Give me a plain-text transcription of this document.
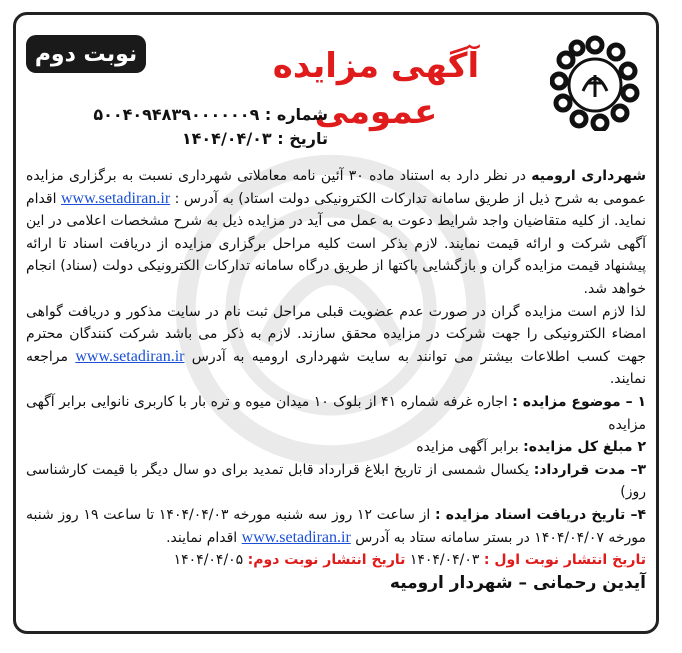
نوبت دوم	آگهی مزایده
عمومی
شماره : ۵۰۰۴۰۹۴۸۳۹۰۰۰۰۰۰۹
تاریخ : ۱۴۰۴/۰۴/۰۳

شهرداری ارومیه در نظر دارد به استناد ماده ۳۰ آئین نامه معاملاتی شهرداری نسبت به برگزاری مزایده عمومی به شرح ذیل از طریق سامانه تدارکات الکترونیکی دولت استاد) به آدرس : www.setadiran.ir اقدام نماید. از کلیه متقاضیان واجد شرایط دعوت به عمل می آید در مزایده ذیل به شرح مشخصات اعلامی در این آگهی شرکت و ارائه قیمت نمایند. لازم بذکر است کلیه مراحل برگزاری مزایده از دریافت اسناد تا ارائه پیشنهاد قیمت مزایده گران و بازگشایی پاکتها از طریق درگاه سامانه تدارکات الکترونیکی دولت (سناد) انجام خواهد شد.

لذا لازم است مزایده گران در صورت عدم عضویت قبلی مراحل ثبت نام در سایت مذکور و دریافت گواهی امضاء الکترونیکی را جهت شرکت در مزایده محقق سازند. لازم به ذکر می باشد شرکت کنندگان محترم جهت کسب اطلاعات بیشتر می توانند به سایت شهرداری ارومیه به آدرس www.setadiran.ir مراجعه نمایند.

۱ – موضوع مزایده : اجاره غرفه شماره ۴۱ از بلوک ۱۰ میدان میوه و تره بار با کاربری نانوایی برابر آگهی مزایده

۲ مبلغ کل مزایده: برابر آگهی مزایده

۳– مدت قرارداد: یکسال شمسی از تاریخ ابلاغ قرارداد قابل تمدید برای دو سال دیگر با قیمت کارشناسی روز)

۴– تاریخ دریافت اسناد مزایده : از ساعت ۱۲ روز سه شنبه مورخه ۱۴۰۴/۰۴/۰۳ تا ساعت ۱۹ روز شنبه مورخه ۱۴۰۴/۰۴/۰۷ در بستر سامانه ستاد به آدرس www.setadiran.ir اقدام نمایند.

تاریخ انتشار نوبت اول : ۱۴۰۴/۰۴/۰۳ تاریخ انتشار نوبت دوم: ۱۴۰۴/۰۴/۰۵

آیدین رحمانی – شهردار ارومیه
